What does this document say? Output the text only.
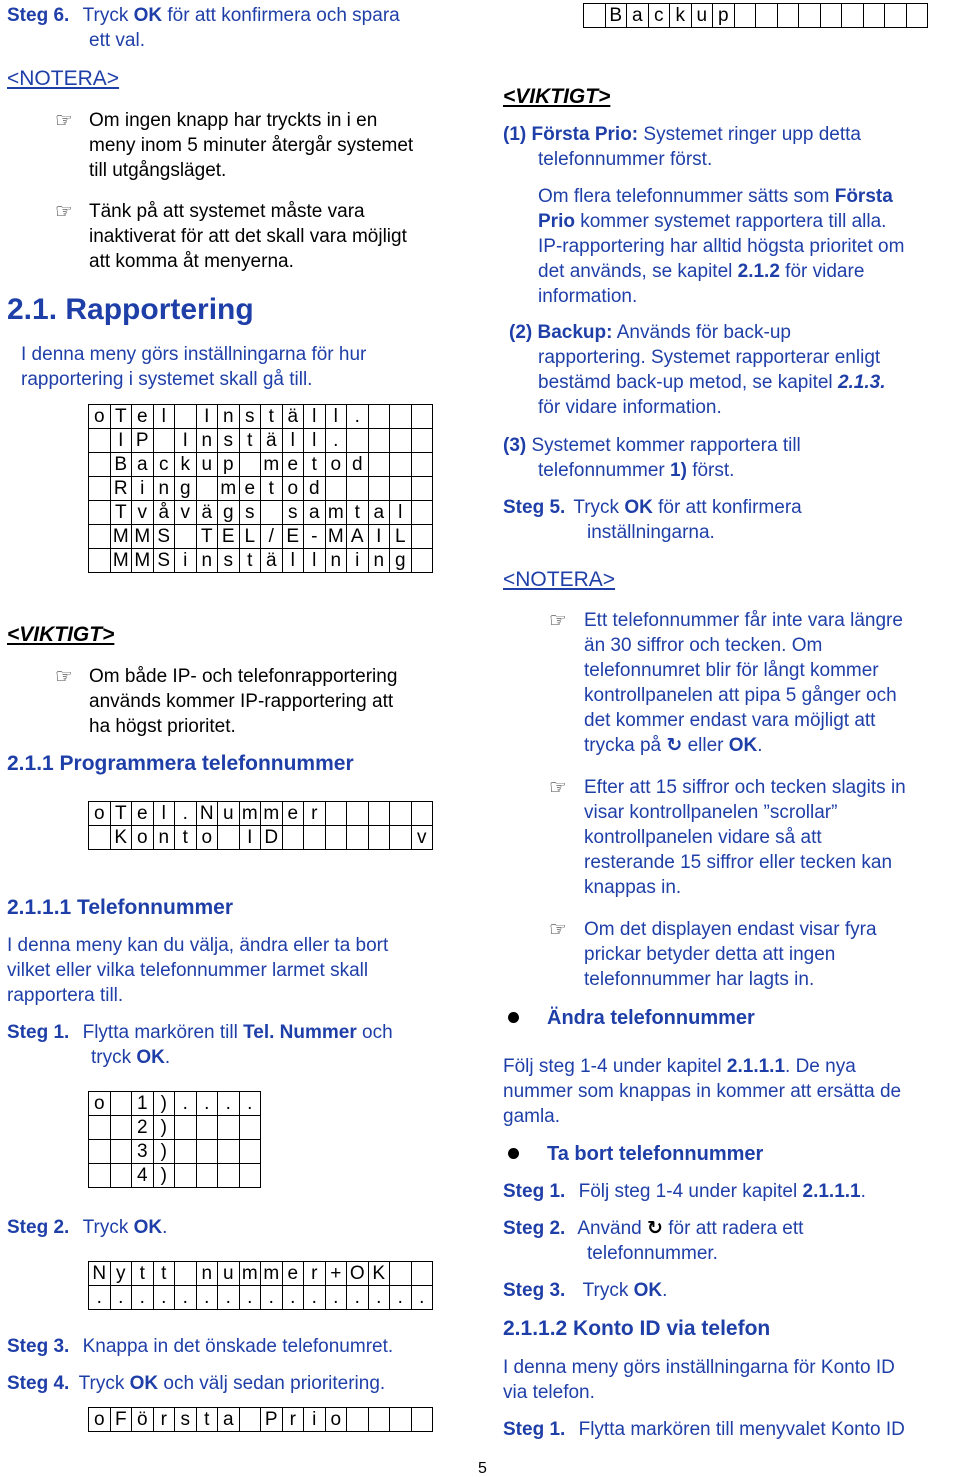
Steg 6. Tryck OK för att konfirmera och spara
ett val.
<NOTERA>
☞ Om ingen knapp har tryckts in i en
meny inom 5 minuter återgår systemet
till utgångsläget.
☞ Tänk på att systemet måste vara
inaktiverat för att det skall vara möjligt
att komma åt menyerna.
2.1. Rapportering
I denna meny görs inställningarna för hur
rapportering i systemet skall gå till.
o	T	e	l		I	n	s	t	ä	l	l	.			
	I	P		I	n	s	t	ä	l	l	.				
	B	a	c	k	u	p		m	e	t	o	d			
	R	i	n	g		m	e	t	o	d					
	T	v	å	v	ä	g	s		s	a	m	t	a	l	
	M	M	S		T	E	L	/	E	-	M	A	I	L	
	M	M	S	i	n	s	t	ä	l	l	n	i	n	g	
<VIKTIGT>
☞ Om både IP- och telefonrapportering
används kommer IP-rapportering att
ha högst prioritet.
2.1.1 Programmera telefonnummer
o	T	e	l	.	N	u	m	m	e	r					
	K	o	n	t	o		I	D							v
2.1.1.1 Telefonnummer
I denna meny kan du välja, ändra eller ta bort
vilket eller vilka telefonnummer larmet skall
rapportera till.
Steg 1. Flytta markören till Tel. Nummer och
tryck OK.
o		1	)	.	.	.	.
		2	)				
		3	)				
		4	)				
Steg 2. Tryck OK.
N	y	t	t		n	u	m	m	e	r	+	O	K		
.	.	.	.	.	.	.	.	.	.	.	.	.	.	.	.
Steg 3. Knappa in det önskade telefonumret.
Steg 4. Tryck OK och välj sedan prioritering.
o	F	ö	r	s	t	a		P	r	i	o				
5
	B	a	c	k	u	p									
<VIKTIGT>
(1) Första Prio: Systemet ringer upp detta
telefonnummer först.
Om flera telefonnummer sätts som Första
Prio kommer systemet rapportera till alla.
IP-rapportering har alltid högsta prioritet om
det används, se kapitel 2.1.2 för vidare
information.
(2) Backup: Används för back-up
rapportering. Systemet rapporterar enligt
bestämd back-up metod, se kapitel 2.1.3.
för vidare information.
(3) Systemet kommer rapportera till
telefonnummer 1) först.
Steg 5. Tryck OK för att konfirmera
inställningarna.
<NOTERA>
☞ Ett telefonnummer får inte vara längre
än 30 siffror och tecken. Om
telefonnumret blir för långt kommer
kontrollpanelen att pipa 5 gånger och
det kommer endast vara möjligt att
trycka på ↻ eller OK.
☞ Efter att 15 siffror och tecken slagits in
visar kontrollpanelen ”scrollar”
kontrollpanelen vidare så att
resterande 15 siffror eller tecken kan
knappas in.
☞ Om det displayen endast visar fyra
prickar betyder detta att ingen
telefonnummer har lagts in.
Ändra telefonnummer
Följ steg 1-4 under kapitel 2.1.1.1. De nya
nummer som knappas in kommer att ersätta de
gamla.
Ta bort telefonnummer
Steg 1. Följ steg 1-4 under kapitel 2.1.1.1.
Steg 2. Använd ↻ för att radera ett
telefonnummer.
Steg 3. Tryck OK.
2.1.1.2 Konto ID via telefon
I denna meny görs inställningarna för Konto ID
via telefon.
Steg 1. Flytta markören till menyvalet Konto ID
